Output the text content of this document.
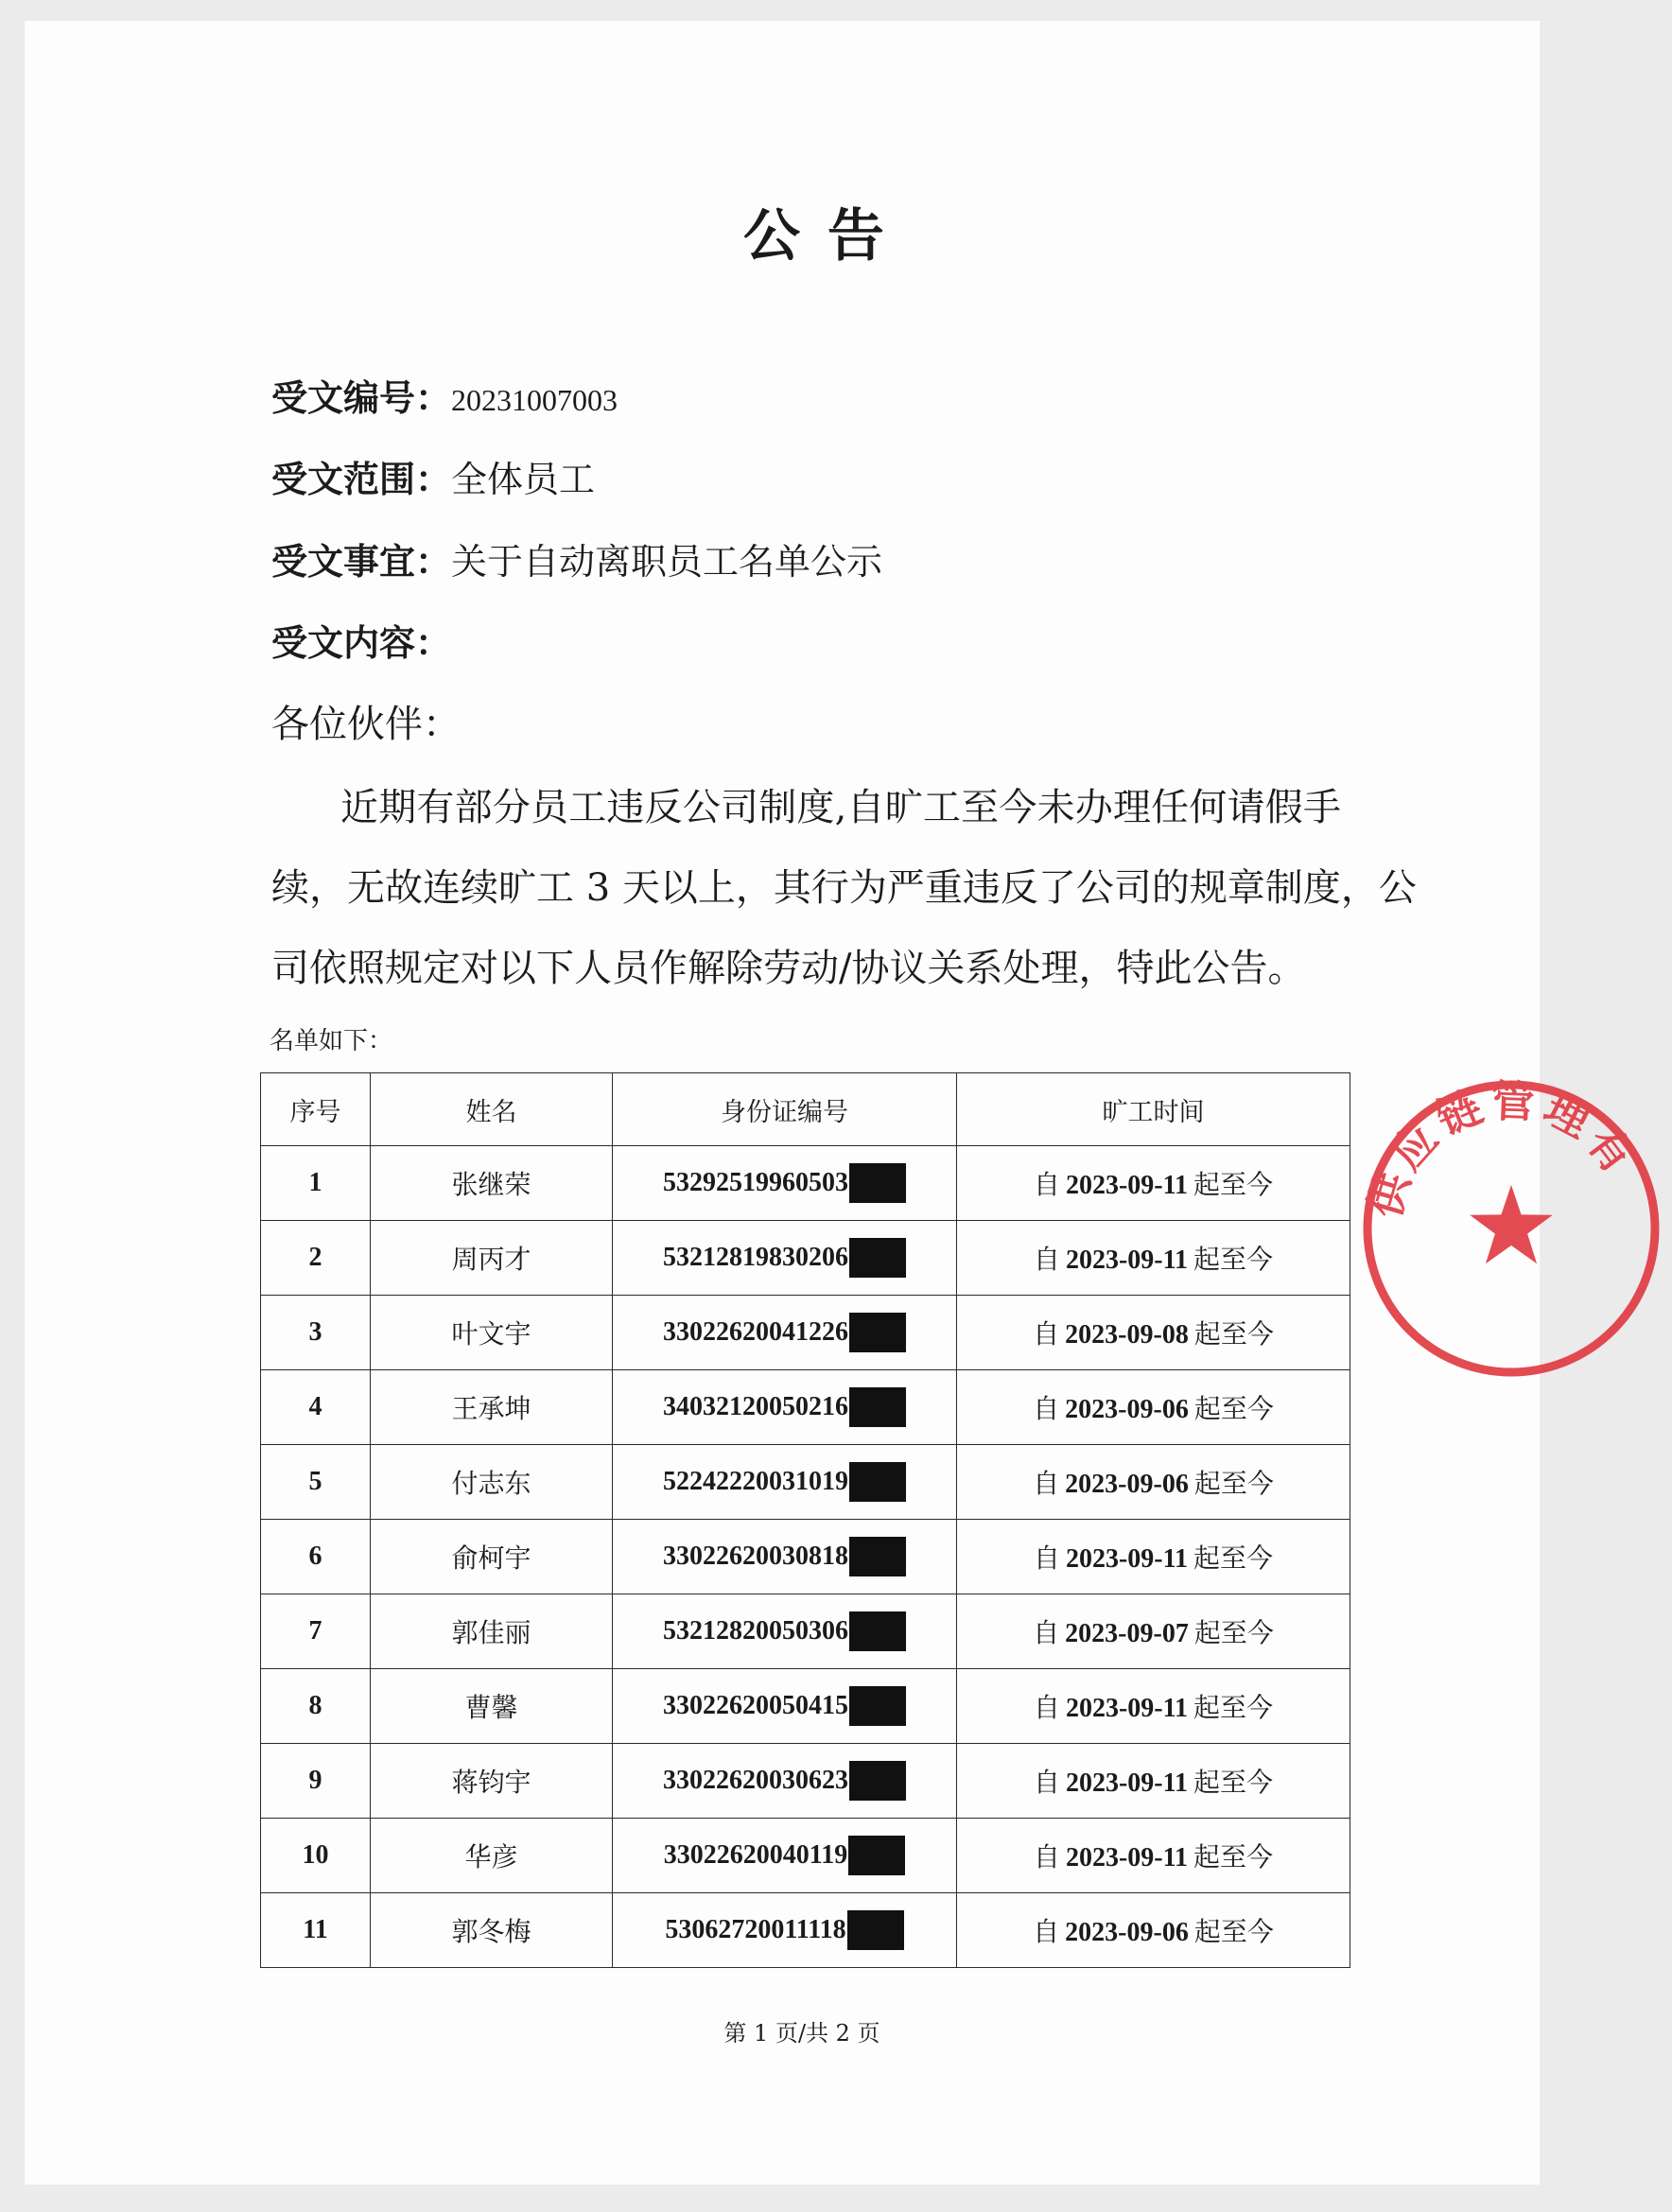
供应链管理有
公 告
受文编号：20231007003
受文范围：全体员工
受文事宜：关于自动离职员工名单公示
受文内容：
各位伙伴：
近期有部分员工违反公司制度,自旷工至今未办理任何请假手
续，无故连续旷工 3 天以上，其行为严重违反了公司的规章制度，公
司依照规定对以下人员作解除劳动/协议关系处理，特此公告。
名单如下：
序号	姓名	身份证编号	旷工时间
1	张继荣	53292519960503	自 2023-09-11 起至今
2	周丙才	53212819830206	自 2023-09-11 起至今
3	叶文宇	33022620041226	自 2023-09-08 起至今
4	王承坤	34032120050216	自 2023-09-06 起至今
5	付志东	52242220031019	自 2023-09-06 起至今
6	俞柯宇	33022620030818	自 2023-09-11 起至今
7	郭佳丽	53212820050306	自 2023-09-07 起至今
8	曹馨	33022620050415	自 2023-09-11 起至今
9	蒋钧宇	33022620030623	自 2023-09-11 起至今
10	华彦	33022620040119	自 2023-09-11 起至今
11	郭冬梅	53062720011118	自 2023-09-06 起至今
第 1 页/共 2 页
